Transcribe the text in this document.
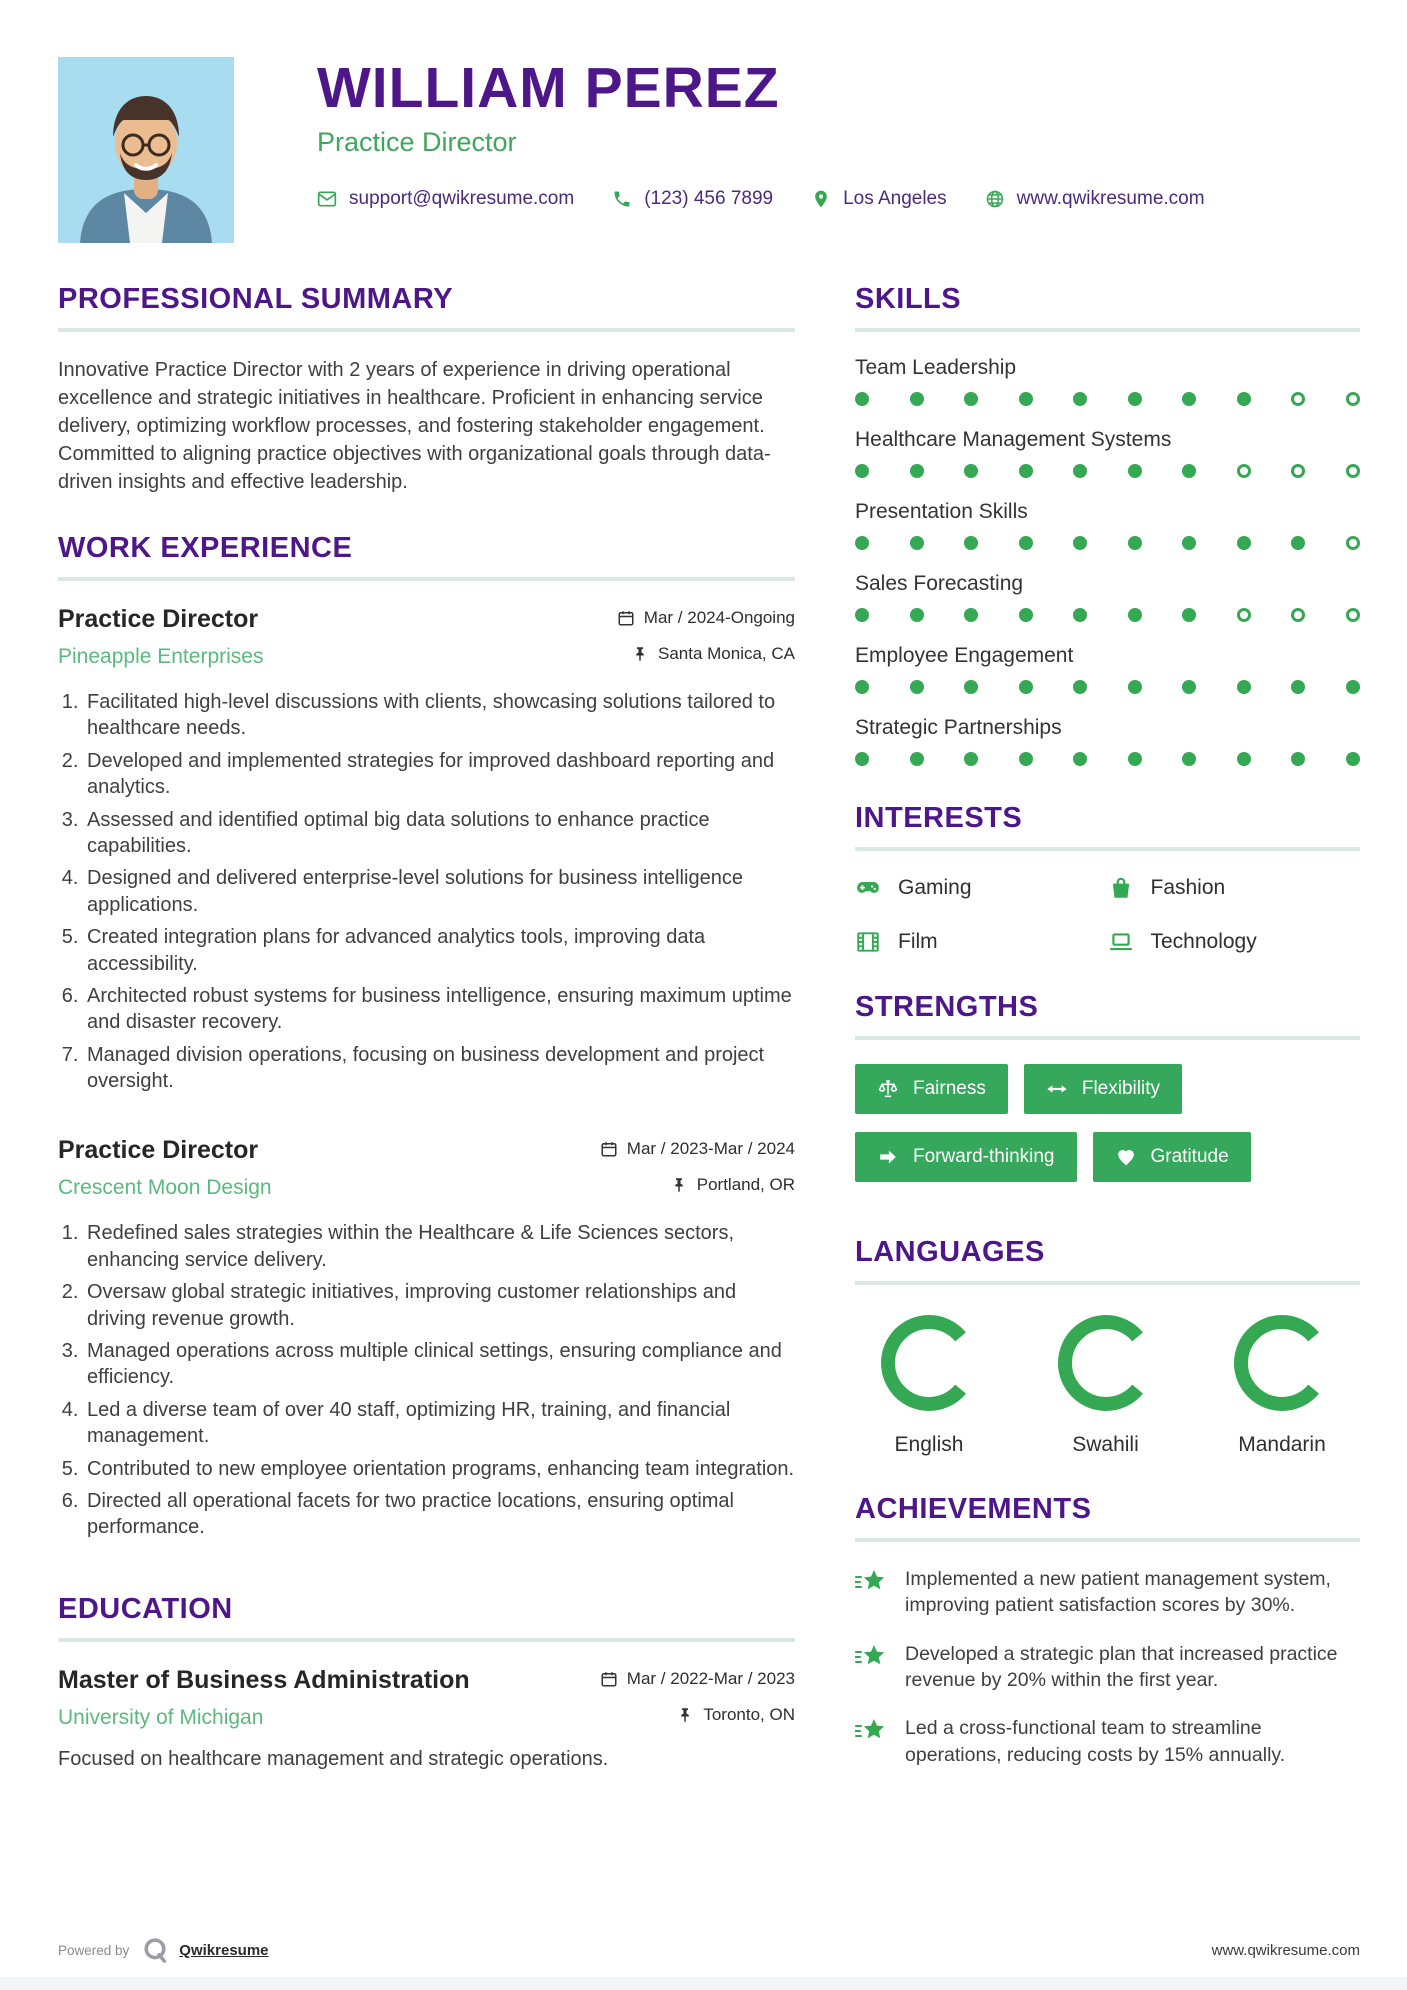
WILLIAM PEREZ
Practice Director
support@qwikresume.com	(123) 456 7899	Los Angeles	www.qwikresume.com
PROFESSIONAL SUMMARY

Innovative Practice Director with 2 years of experience in driving operational excellence and strategic initiatives in healthcare. Proficient in enhancing service delivery, optimizing workflow processes, and fostering stakeholder engagement. Committed to aligning practice objectives with organizational goals through data-driven insights and effective leadership.

WORK EXPERIENCE
Practice Director	Mar / 2024-Ongoing
Pineapple Enterprises	Santa Monica, CA
1. Facilitated high-level discussions with clients, showcasing solutions tailored to healthcare needs.
2. Developed and implemented strategies for improved dashboard reporting and analytics.
3. Assessed and identified optimal big data solutions to enhance practice capabilities.
4. Designed and delivered enterprise-level solutions for business intelligence applications.
5. Created integration plans for advanced analytics tools, improving data accessibility.
6. Architected robust systems for business intelligence, ensuring maximum uptime and disaster recovery.
7. Managed division operations, focusing on business development and project oversight.
Practice Director	Mar / 2023-Mar / 2024
Crescent Moon Design	Portland, OR
1. Redefined sales strategies within the Healthcare & Life Sciences sectors, enhancing service delivery.
2. Oversaw global strategic initiatives, improving customer relationships and driving revenue growth.
3. Managed operations across multiple clinical settings, ensuring compliance and efficiency.
4. Led a diverse team of over 40 staff, optimizing HR, training, and financial management.
5. Contributed to new employee orientation programs, enhancing team integration.
6. Directed all operational facets for two practice locations, ensuring optimal performance.
EDUCATION
Master of Business Administration	Mar / 2022-Mar / 2023
University of Michigan	Toronto, ON

Focused on healthcare management and strategic operations.

SKILLS
Team Leadership
Healthcare Management Systems
Presentation Skills
Sales Forecasting
Employee Engagement
Strategic Partnerships
INTERESTS
Gaming	Fashion
Film	Technology
STRENGTHS
Fairness	Flexibility
Forward-thinking	Gratitude
LANGUAGES
English	Swahili	Mandarin
ACHIEVEMENTS
Implemented a new patient management system, improving patient satisfaction scores by 30%.
Developed a strategic plan that increased practice revenue by 20% within the first year.
Led a cross-functional team to streamline operations, reducing costs by 15% annually.
Powered by	Qwikresume	www.qwikresume.com
